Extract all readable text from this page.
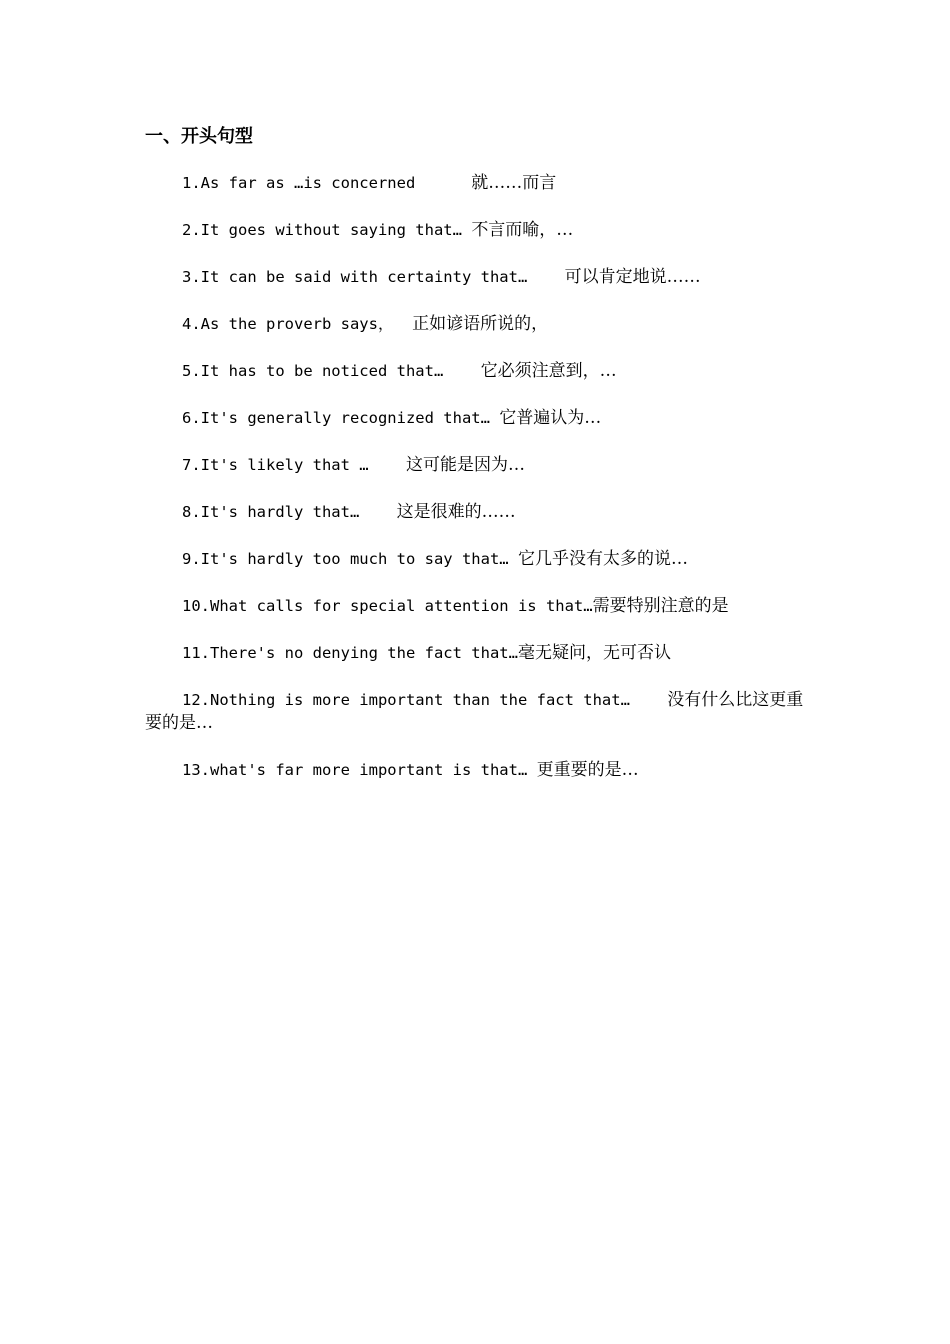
一、开头句型
1.As far as …is concerned	就……而言
2.It goes without saying that… 不言而喻，…
3.It can be said with certainty that… 可以肯定地说……
4.As the proverb says， 正如谚语所说的，
5.It has to be noticed that… 它必须注意到，…
6.It's generally recognized that… 它普遍认为…
7.It's likely that … 这可能是因为…
8.It's hardly that… 这是很难的……
9.It's hardly too much to say that… 它几乎没有太多的说…
10.What calls for special attention is that…需要特别注意的是
11.There's no denying the fact that…毫无疑问，无可否认
12.Nothing is more important than the fact that… 没有什么比这更重要的是…
13.what's far more important is that… 更重要的是…
